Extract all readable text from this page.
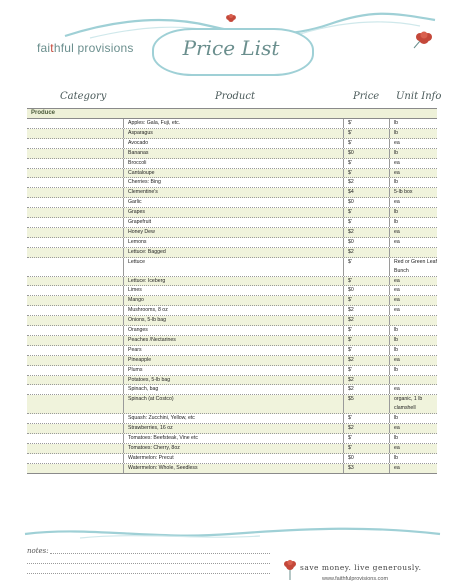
faithful provisions	Price List
Category	Product	Price Unit Info
Produce
Apples: Gala, Fuji, etc.	$'	lb
Asparagus	$'	lb
Avocado	$'	ea
Bananas	$0	lb
Broccoli	$'	ea
Cantaloupe	$'	ea
Cherries: Bing	$2	lb
Clementine's	$4	5-lb box
Garlic	$0	ea
Grapes	$'	lb
Grapefruit	$'	lb
Honey Dew	$2	ea
Lemons	$0	ea
Lettuce: Bagged	$2
Lettuce	$'	Red or Green Leaf Bunch
Lettuce: Iceberg	$'	ea
Limes	$0	ea
Mango	$'	ea
Mushrooms, 8 oz	$2	ea
Onions, 5-lb bag	$2
Oranges	$'	lb
Peaches /Nectarines	$'	lb
Pears	$'	lb
Pineapple	$2	ea
Plums	$'	lb
Potatoes, 5-lb bag	$2
Spinach, bag	$2	ea
Spinach (at Costco)	$5	organic, 1 lb clamshell
Squash: Zucchini, Yellow, etc	$'	lb
Strawberries, 16 oz	$2	ea
Tomatoes: Beefsteak, Vine etc	$'	lb
Tomatoes: Cherry, 8oz	$'	ea
Watermelon: Precut	$0	lb
Watermelon: Whole, Seedless	$3	ea
notes:
save money. live generously.
www.faithfulprovisions.com
